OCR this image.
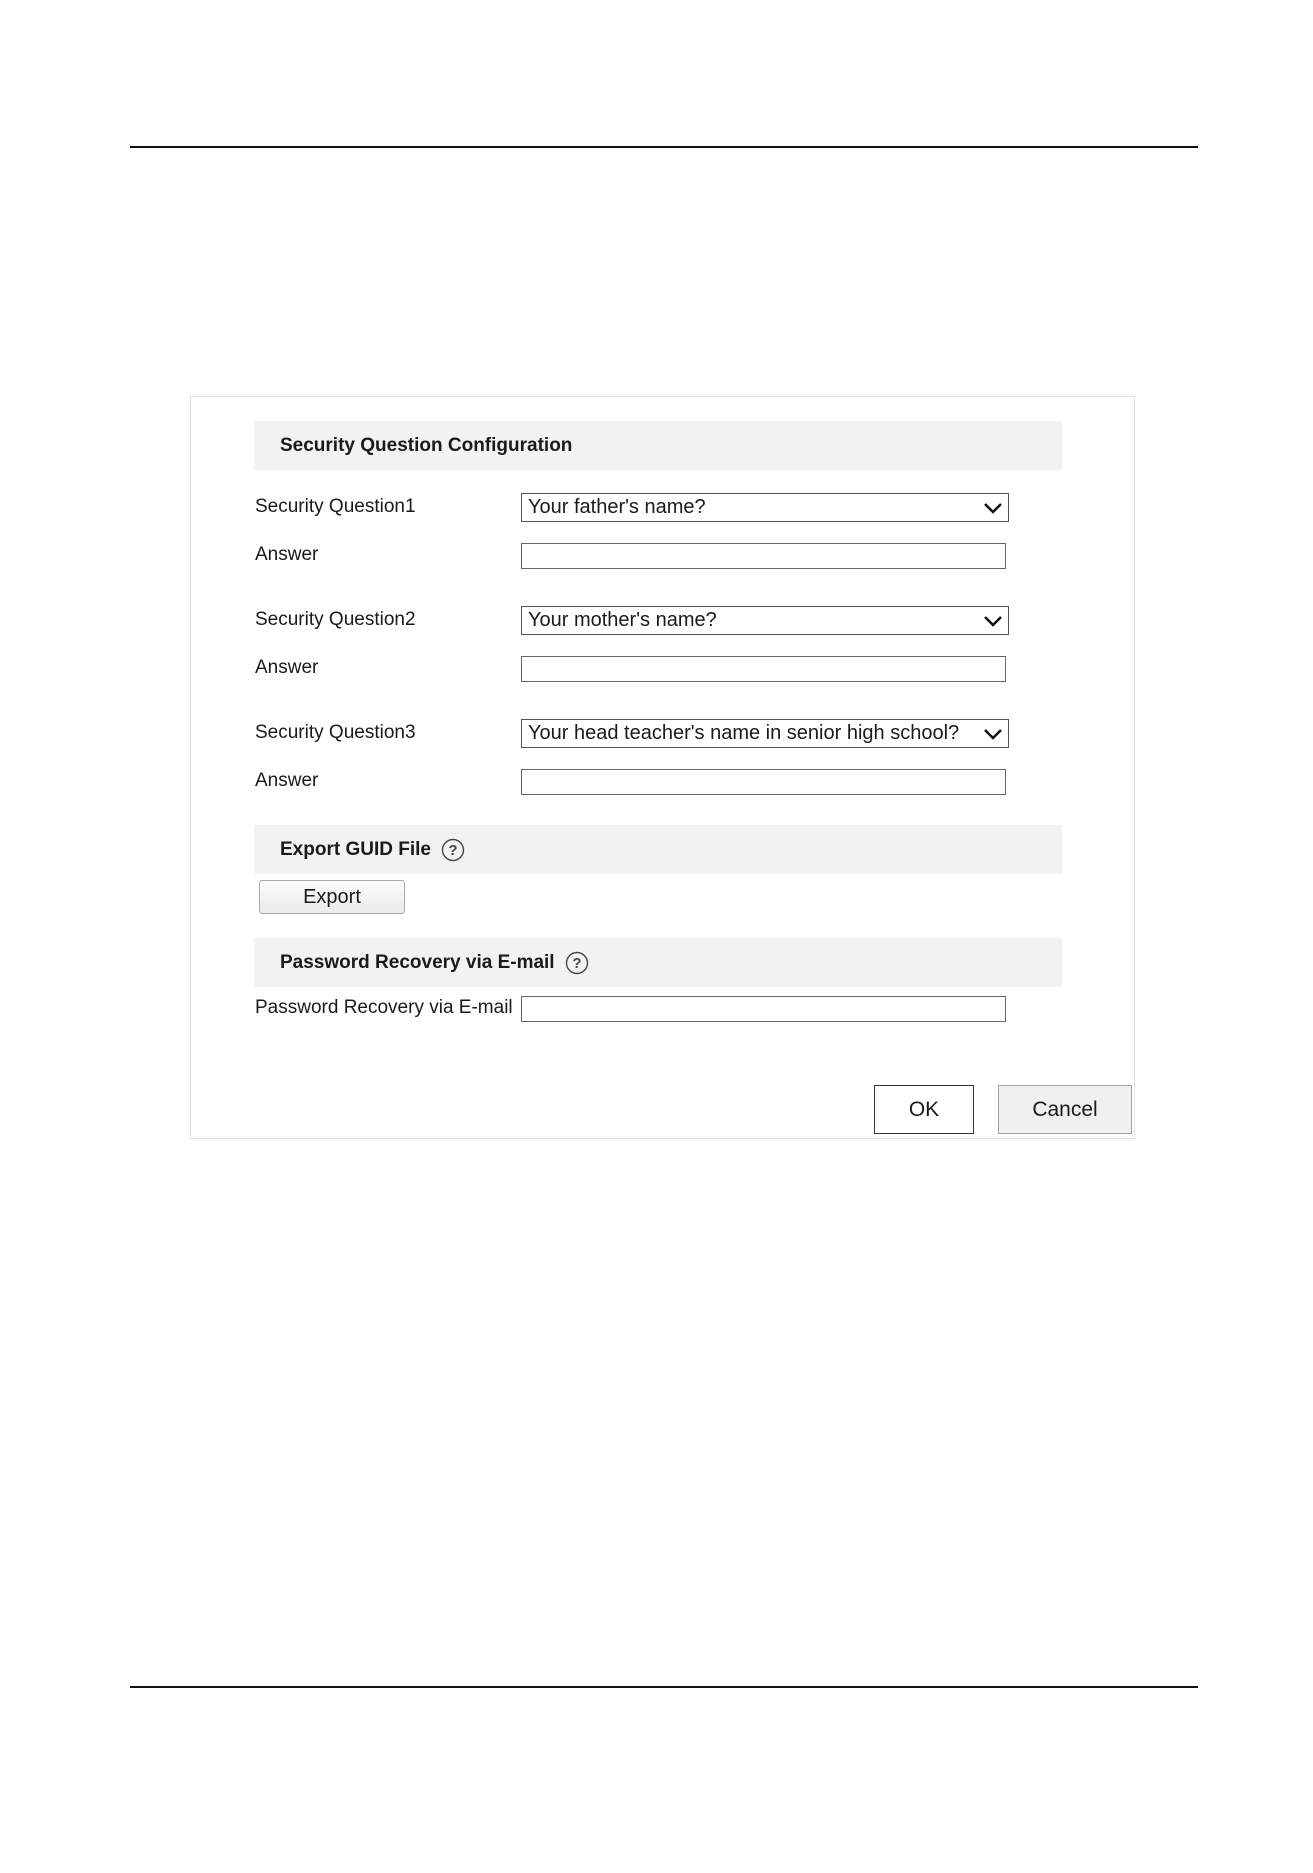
Security Question Configuration
Security Question1	Your father's name?
Answer
Security Question2	Your mother's name?
Answer
Security Question3	Your head teacher's name in senior high school?
Answer
Export GUID File ?
Export
Password Recovery via E-mail ?
Password Recovery via E-mail
OK	Cancel
